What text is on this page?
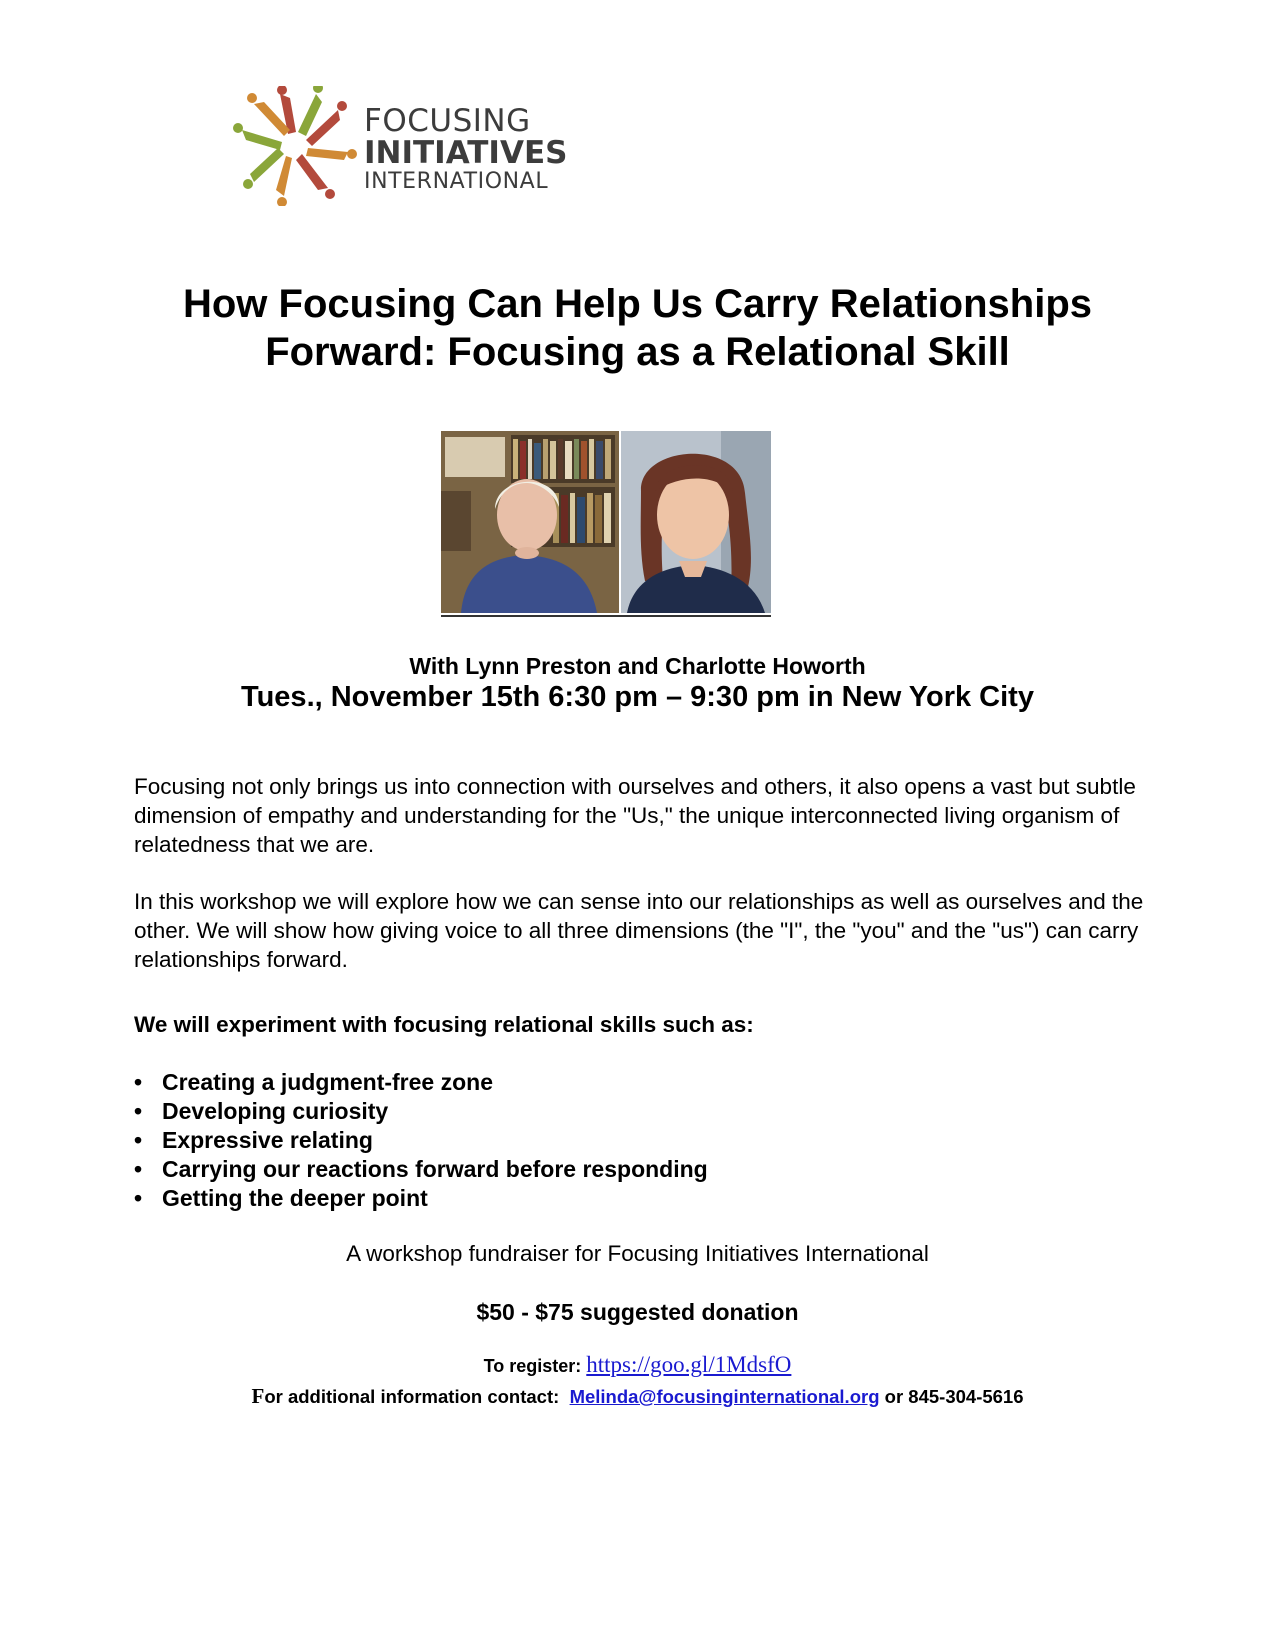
FOCUSING
INITIATIVES
INTERNATIONAL
How Focusing Can Help Us Carry Relationships
Forward: Focusing as a Relational Skill
With Lynn Preston and Charlotte Howorth
Tues., November 15th 6:30 pm – 9:30 pm in New York City
Focusing not only brings us into connection with ourselves and others, it also opens a vast but subtle dimension of empathy and understanding for the "Us," the unique interconnected living organism of relatedness that we are.
In this workshop we will explore how we can sense into our relationships as well as ourselves and the other. We will show how giving voice to all three dimensions (the "I", the "you" and the "us") can carry relationships forward.
We will experiment with focusing relational skills such as:
• Creating a judgment-free zone
• Developing curiosity
• Expressive relating
• Carrying our reactions forward before responding
• Getting the deeper point
A workshop fundraiser for Focusing Initiatives International
$50 - $75 suggested donation
To register: https://goo.gl/1MdsfO
For additional information contact:  Melinda@focusinginternational.org or 845-304-5616
